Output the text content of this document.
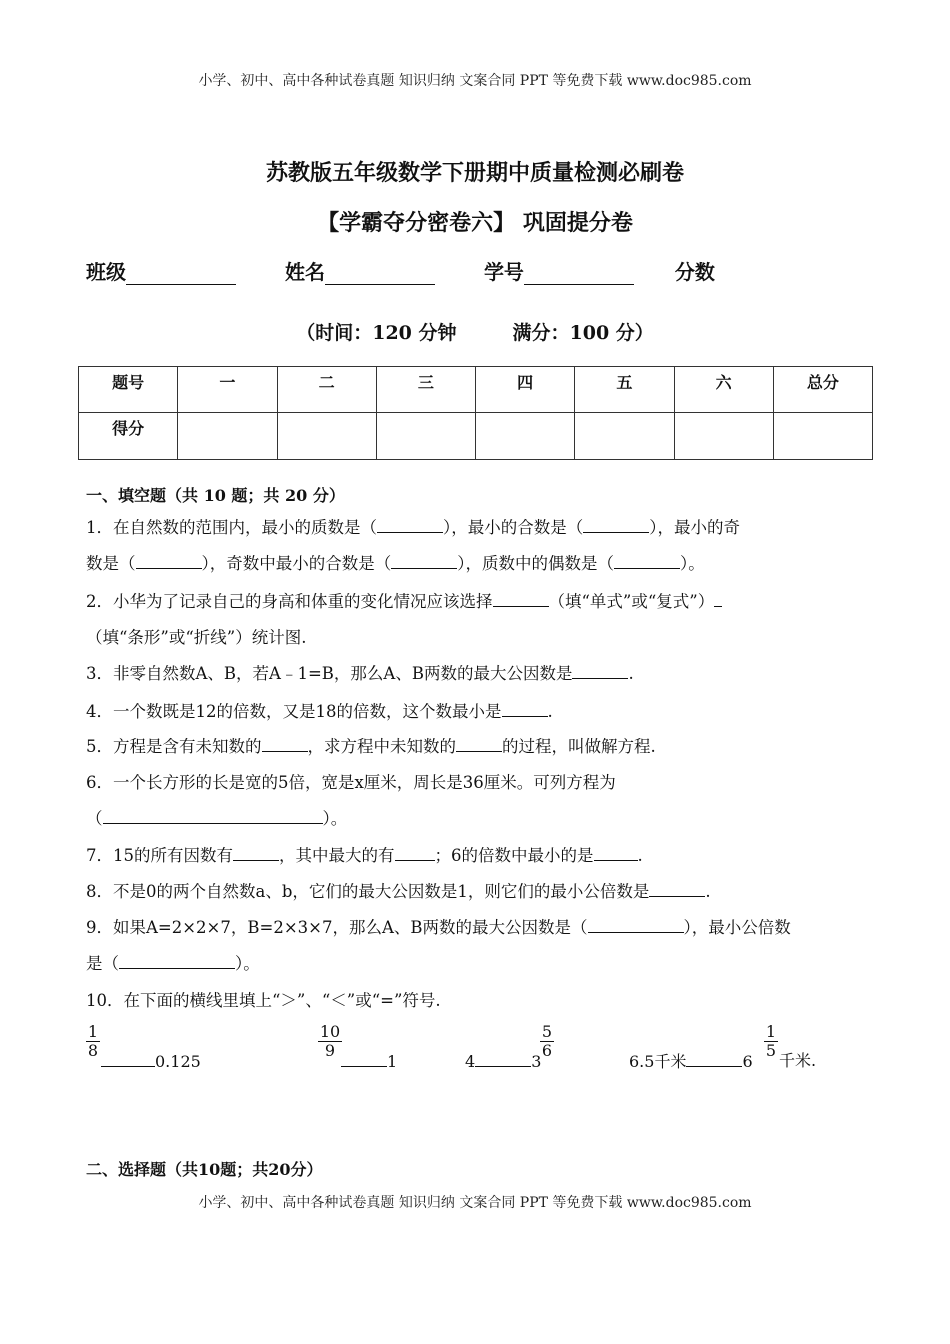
小学、初中、高中各种试卷真题 知识归纳 文案合同 PPT 等免费下载 www.doc985.com
苏教版五年级数学下册期中质量检测必刷卷
【学霸夺分密卷六】 巩固提分卷
班级	姓名	学号	分数
（时间：120 分钟	满分：100 分）
题号	一	二	三	四	五	六	总分
得分							
一、填空题（共 10 题；共 20 分）
1．在自然数的范围内，最小的质数是（	），最小的合数是（	），最小的奇
数是（	），奇数中最小的合数是（	），质数中的偶数是（	）。
2．小华为了记录自己的身高和体重的变化情况应该选择	（填“单式”或“复式”）
（填“条形”或“折线”）统计图.
3．非零自然数A、B，若A﹣1=B，那么A、B两数的最大公因数是	.
4．一个数既是12的倍数，又是18的倍数，这个数最小是	.
5．方程是含有未知数的	，求方程中未知数的	的过程，叫做解方程.
6．一个长方形的长是宽的5倍，宽是x厘米，周长是36厘米。可列方程为
（	）。
7．15的所有因数有	，其中最大的有 ；6的倍数中最小的是	.
8．不是0的两个自然数a、b，它们的最大公因数是1，则它们的最小公倍数是	.
9．如果A=2×2×7，B=2×3×7，那么A、B两数的最大公因数是（	），最小公倍数
是（	）。
10．在下面的横线里填上“＞”、“＜”或“=”符号.
$\frac{1}{8}$
0.125
$\frac{10}{9}$
1	4	3
$\frac{5}{6}$
6.5千米	6
$\frac{1}{5}$
千米.
二、选择题（共10题；共20分）
小学、初中、高中各种试卷真题 知识归纳 文案合同 PPT 等免费下载 www.doc985.com
